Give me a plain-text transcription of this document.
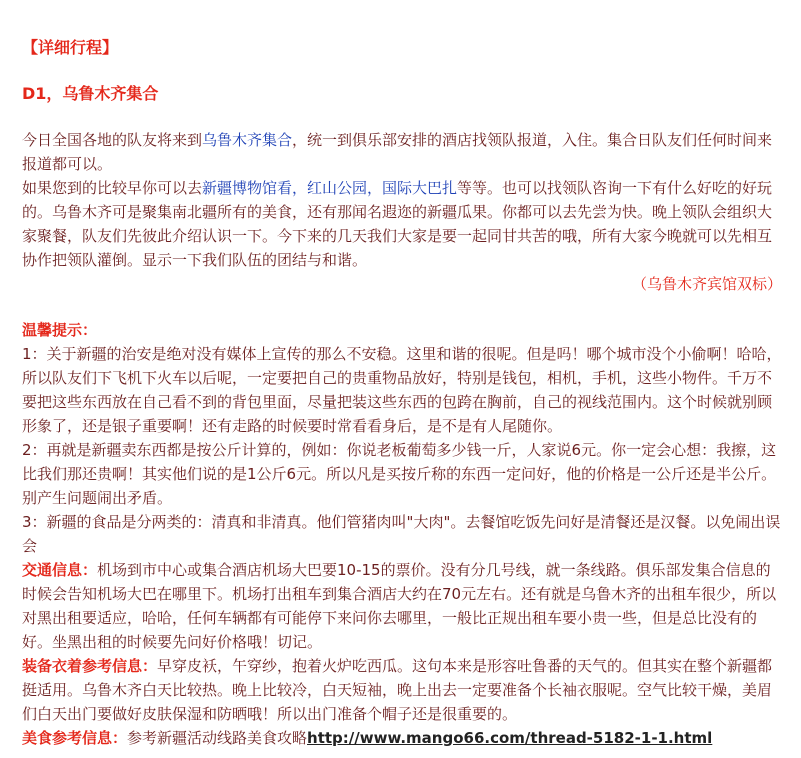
【详细行程】
D1，乌鲁木齐集合

今日全国各地的队友将来到乌鲁木齐集合，统一到俱乐部安排的酒店找领队报道，入住。集合日队友们任何时间来报道都可以。

如果您到的比较早你可以去新疆博物馆看，红山公园，国际大巴扎等等。也可以找领队咨询一下有什么好吃的好玩的。乌鲁木齐可是聚集南北疆所有的美食，还有那闻名遐迩的新疆瓜果。你都可以去先尝为快。晚上领队会组织大家聚餐，队友们先彼此介绍认识一下。今下来的几天我们大家是要一起同甘共苦的哦，所有大家今晚就可以先相互协作把领队灌倒。显示一下我们队伍的团结与和谐。

（乌鲁木齐宾馆双标）
温馨提示：

1：关于新疆的治安是绝对没有媒体上宣传的那么不安稳。这里和谐的很呢。但是吗！哪个城市没个小偷啊！哈哈，所以队友们下飞机下火车以后呢，一定要把自己的贵重物品放好，特别是钱包，相机，手机，这些小物件。千万不要把这些东西放在自己看不到的背包里面，尽量把装这些东西的包跨在胸前，自己的视线范围内。这个时候就别顾形象了，还是银子重要啊！还有走路的时候要时常看看身后，是不是有人尾随你。

2：再就是新疆卖东西都是按公斤计算的，例如：你说老板葡萄多少钱一斤，人家说6元。你一定会心想：我擦，这比我们那还贵啊！其实他们说的是1公斤6元。所以凡是买按斤称的东西一定问好，他的价格是一公斤还是半公斤。别产生问题闹出矛盾。

3：新疆的食品是分两类的：清真和非清真。他们管猪肉叫"大肉"。去餐馆吃饭先问好是清餐还是汉餐。以免闹出误会

交通信息：机场到市中心或集合酒店机场大巴要10-15的票价。没有分几号线，就一条线路。俱乐部发集合信息的时候会告知机场大巴在哪里下。机场打出租车到集合酒店大约在70元左右。还有就是乌鲁木齐的出租车很少，所以对黑出租要适应，哈哈，任何车辆都有可能停下来问你去哪里，一般比正规出租车要小贵一些，但是总比没有的好。坐黑出租的时候要先问好价格哦！切记。

装备衣着参考信息：早穿皮袄，午穿纱，抱着火炉吃西瓜。这句本来是形容吐鲁番的天气的。但其实在整个新疆都挺适用。乌鲁木齐白天比较热。晚上比较冷，白天短袖，晚上出去一定要准备个长袖衣服呢。空气比较干燥，美眉们白天出门要做好皮肤保湿和防晒哦！所以出门准备个帽子还是很重要的。

美食参考信息：参考新疆活动线路美食攻略http://www.mango66.com/thread-5182-1-1.html
